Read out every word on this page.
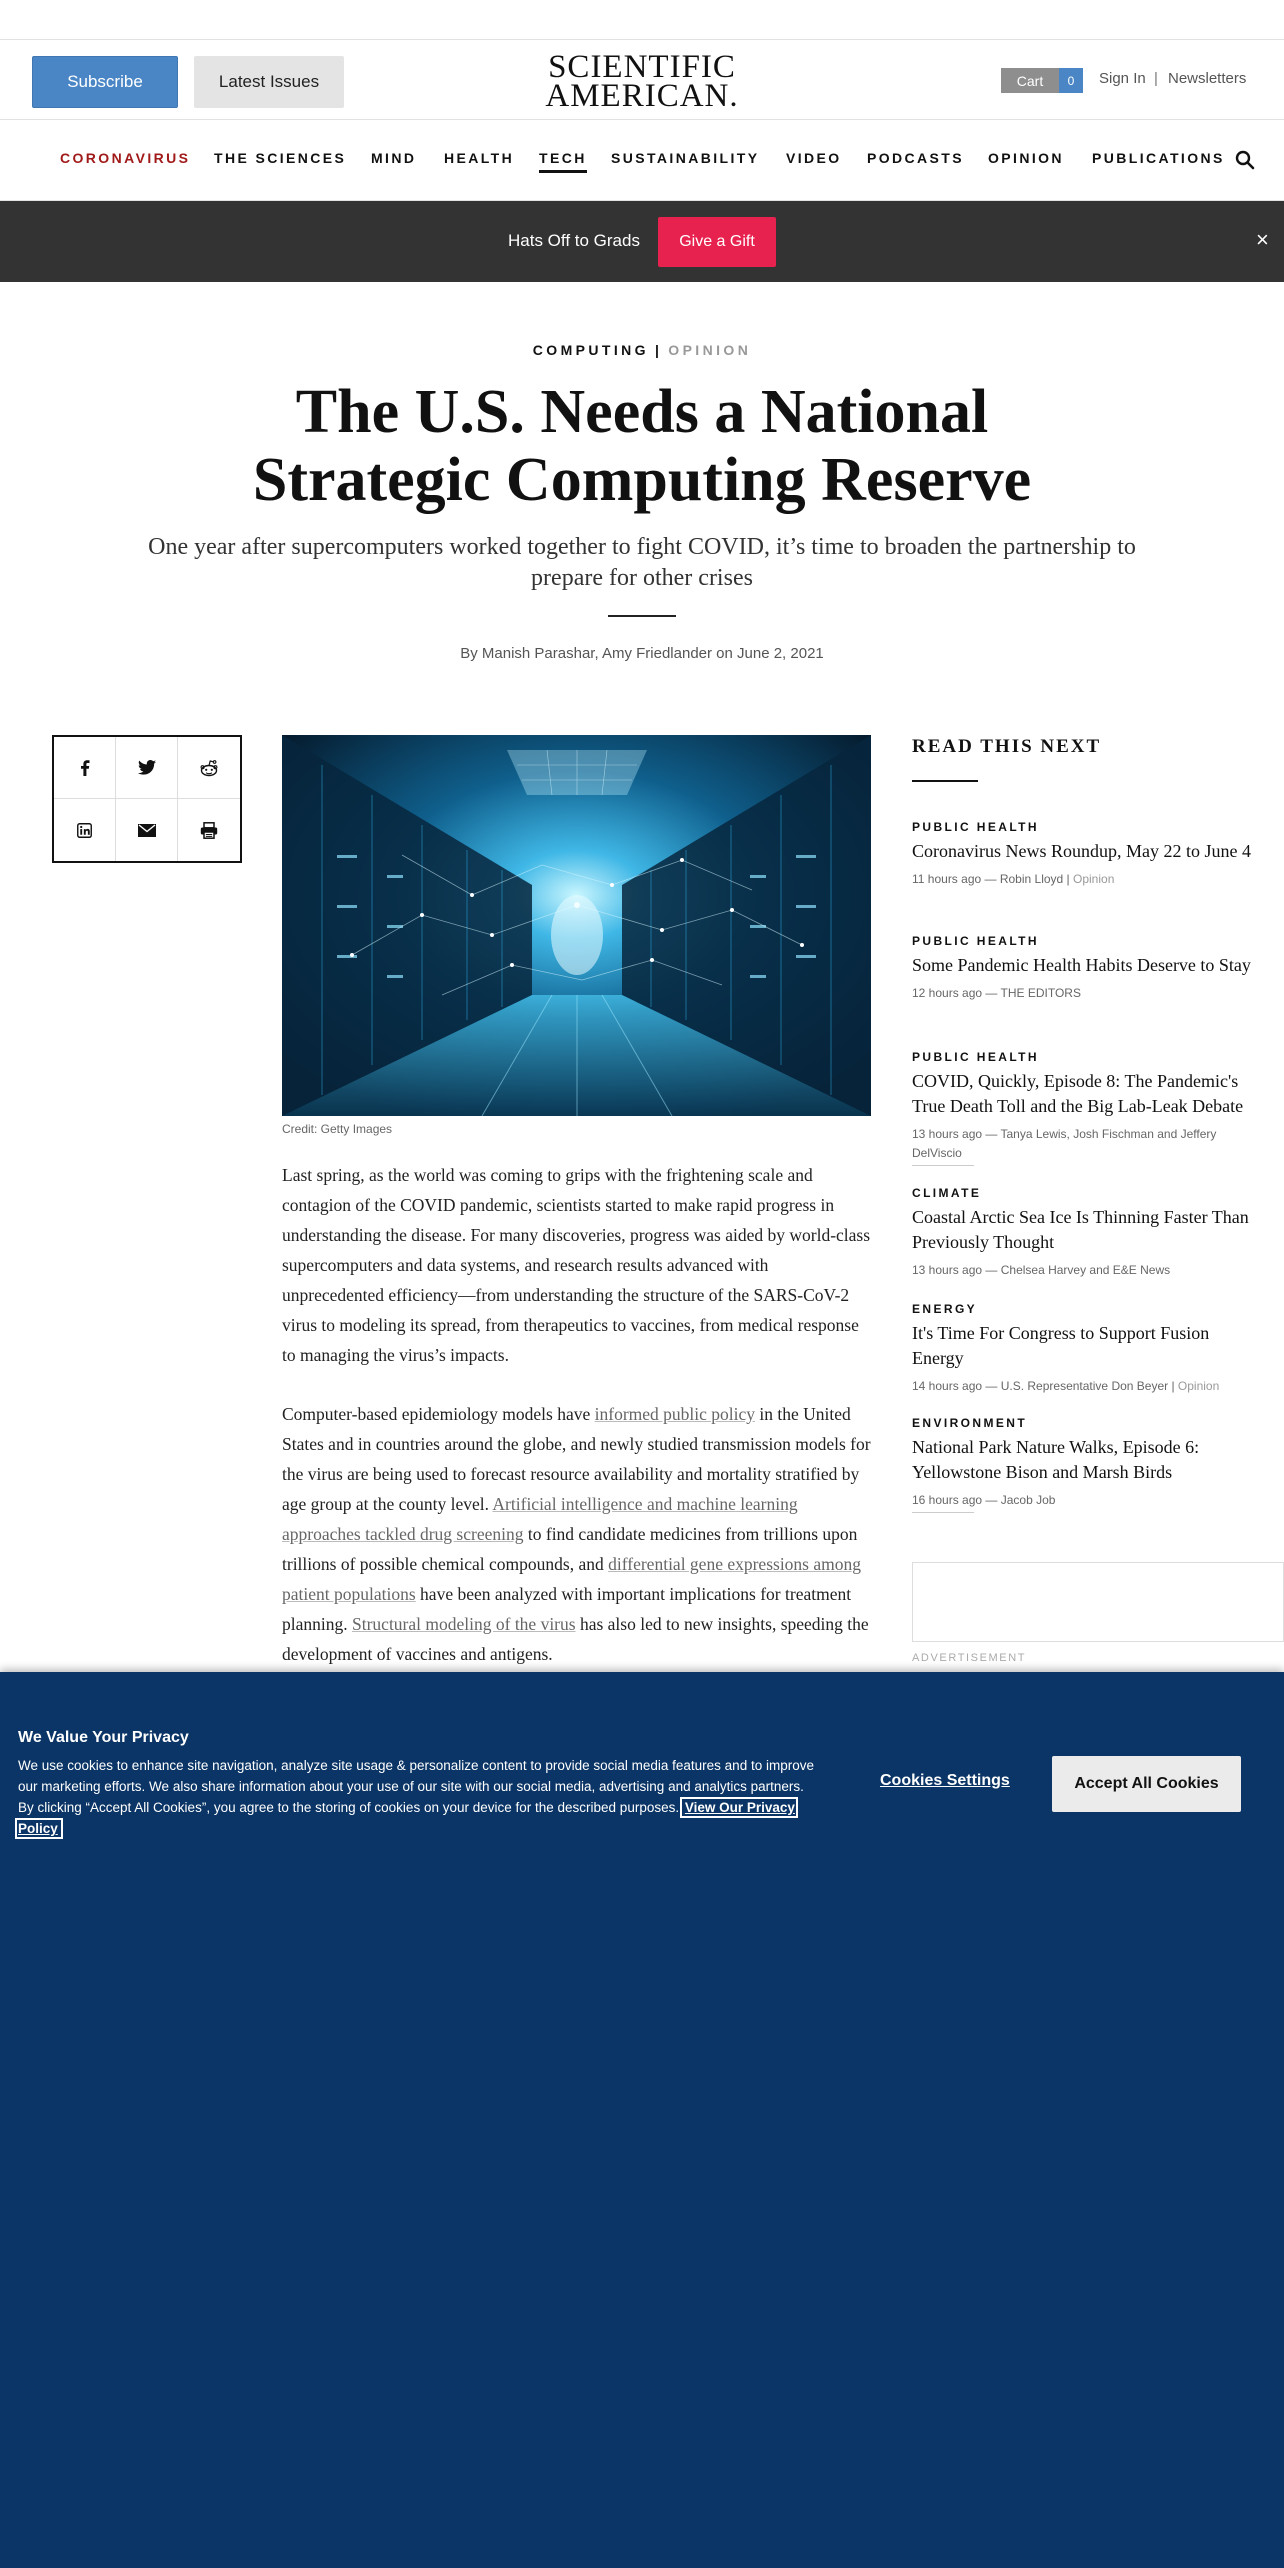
Subscribe	Latest Issues	SCIENTIFIC
AMERICAN.	Cart	0	Sign In | Newsletters
CORONAVIRUS THE SCIENCES MIND HEALTH TECH SUSTAINABILITY VIDEO PODCASTS OPINION PUBLICATIONS
Hats Off to Grads	Give a Gift	×
COMPUTING | OPINION
The U.S. Needs a National
Strategic Computing Reserve

One year after supercomputers worked together to fight COVID, it’s time to broaden the partnership to prepare for other crises

By Manish Parashar, Amy Friedlander on June 2, 2021

Credit: Getty Images

Last spring, as the world was coming to grips with the frightening scale and contagion of the COVID pandemic, scientists started to make rapid progress in understanding the disease. For many discoveries, progress was aided by world-class supercomputers and data systems, and research results advanced with unprecedented efficiency—from understanding the structure of the SARS-CoV-2 virus to modeling its spread, from therapeutics to vaccines, from medical response to managing the virus’s impacts.

Computer-based epidemiology models have informed public policy in the United States and in countries around the globe, and newly studied transmission models for the virus are being used to forecast resource availability and mortality stratified by age group at the county level. Artificial intelligence and machine learning approaches tackled drug screening to find candidate medicines from trillions upon trillions of possible chemical compounds, and differential gene expressions among patient populations have been analyzed with important implications for treatment planning. Structural modeling of the virus has also led to new insights, speeding the development of vaccines and antigens.

READ THIS NEXT
PUBLIC HEALTH
Coronavirus News Roundup, May 22 to June 4
11 hours ago — Robin Lloyd | Opinion
PUBLIC HEALTH
Some Pandemic Health Habits Deserve to Stay
12 hours ago — THE EDITORS
PUBLIC HEALTH
COVID, Quickly, Episode 8: The Pandemic's True Death Toll and the Big Lab-Leak Debate
13 hours ago — Tanya Lewis, Josh Fischman and Jeffery DelViscio
CLIMATE
Coastal Arctic Sea Ice Is Thinning Faster Than Previously Thought
13 hours ago — Chelsea Harvey and E&E News
ENERGY
It's Time For Congress to Support Fusion Energy
14 hours ago — U.S. Representative Don Beyer | Opinion
ENVIRONMENT
National Park Nature Walks, Episode 6: Yellowstone Bison and Marsh Birds
16 hours ago — Jacob Job
ADVERTISEMENT
We Value Your Privacy
We use cookies to enhance site navigation, analyze site usage & personalize content to provide social media features and to improve our marketing efforts. We also share information about your use of our site with our social media, advertising and analytics partners. By clicking “Accept All Cookies”, you agree to the storing of cookies on your device for the described purposes. View Our Privacy Policy
Cookies Settings	Accept All Cookies
